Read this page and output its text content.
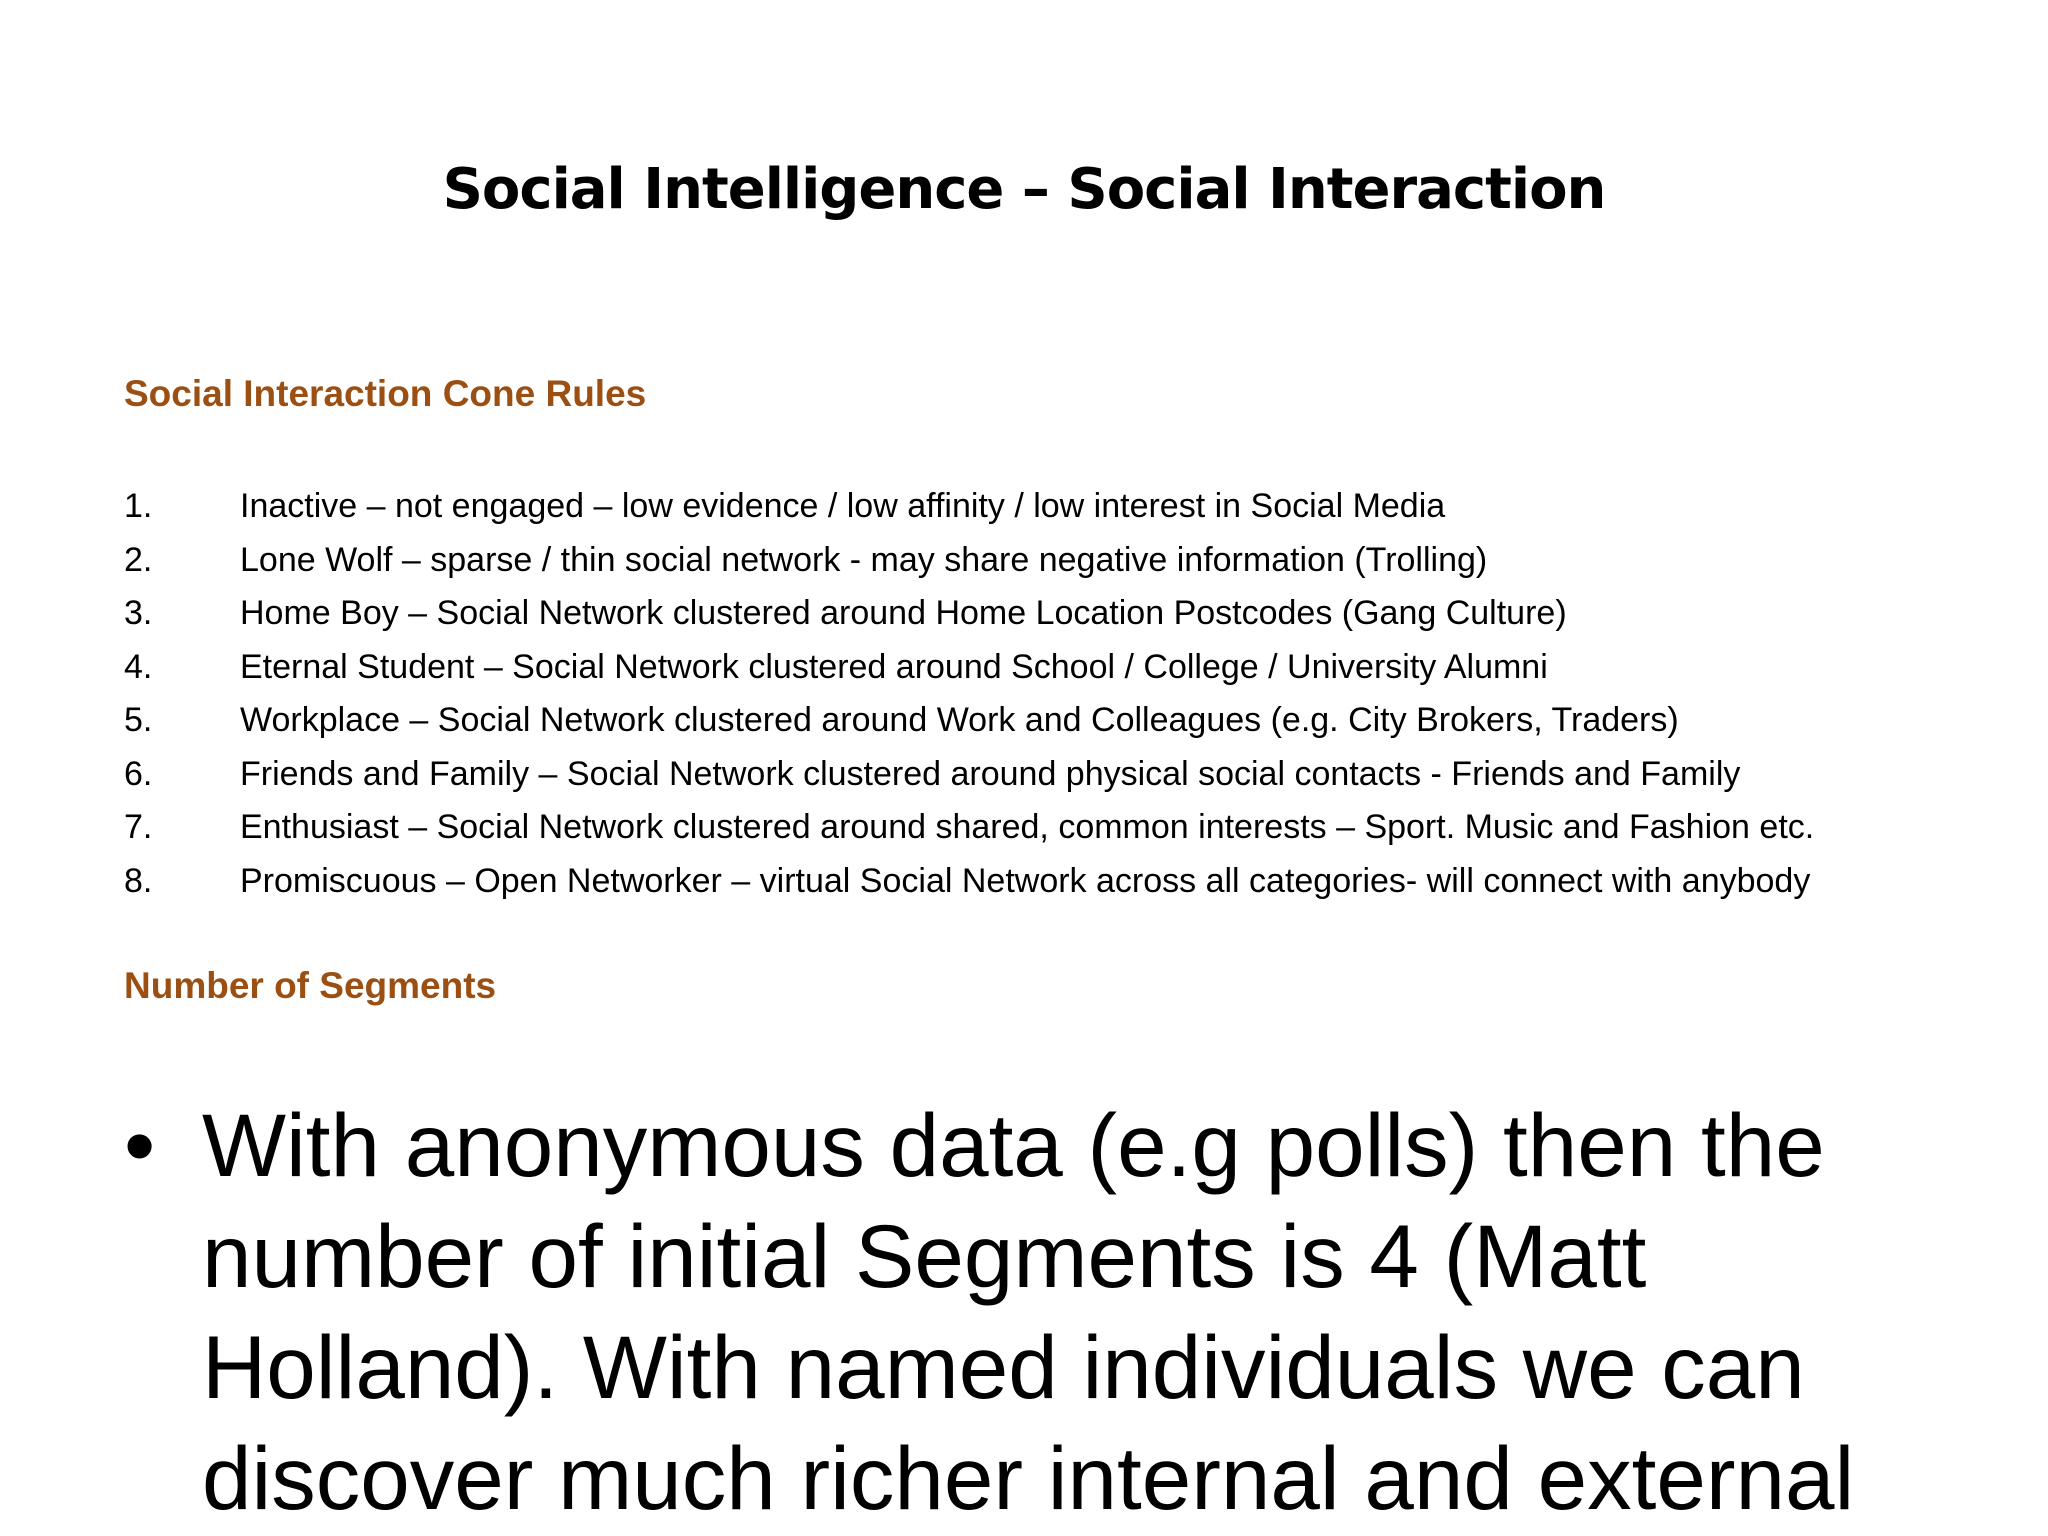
Social Intelligence – Social Interaction
Social Interaction Cone Rules
1.	Inactive – not engaged – low evidence / low affinity / low interest in Social Media
2.	Lone Wolf – sparse / thin social network - may share negative information (Trolling)
3.	Home Boy – Social Network clustered around Home Location Postcodes (Gang Culture)
4.	Eternal Student – Social Network clustered around School / College / University Alumni
5.	Workplace – Social Network clustered around Work and Colleagues (e.g. City Brokers, Traders)
6.	Friends and Family – Social Network clustered around physical social contacts - Friends and Family
7.	Enthusiast – Social Network clustered around shared, common interests – Sport. Music and Fashion etc.
8.	Promiscuous – Open Networker – virtual Social Network across all categories- will connect with anybody
Number of Segments
• With anonymous data (e.g polls) then the number of initial Segments is 4 (Matt Holland). With named individuals we can discover much richer internal and external
